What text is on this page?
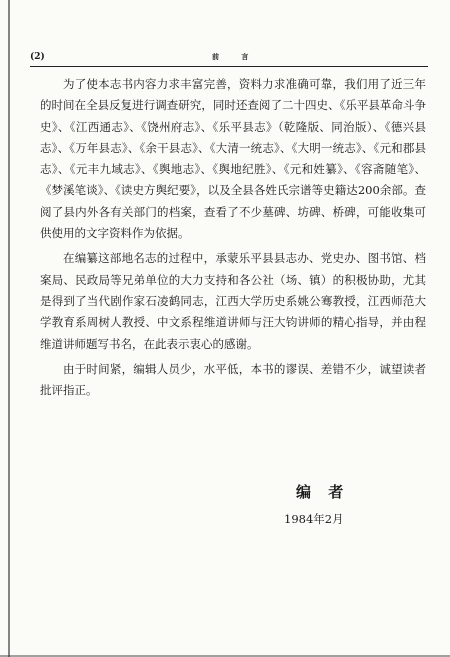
(2)	前 言

为了使本志书内容力求丰富完善，资料力求准确可靠，我们用了近三年的时间在全县反复进行调查研究，同时还查阅了二十四史、《乐平县革命斗争史》、《江西通志》、《饶州府志》、《乐平县志》（乾隆版、同治版）、《德兴县志》、《万年县志》、《余干县志》、《大清一统志》、《大明一统志》、《元和郡县志》、《元丰九域志》、《舆地志》、《舆地纪胜》、《元和姓纂》、《容斋随笔》、《梦溪笔谈》、《读史方舆纪要》，以及全县各姓氏宗谱等史籍达200余部。查阅了县内外各有关部门的档案，查看了不少墓碑、坊碑、桥碑，可能收集可供使用的文字资料作为依据。

在编纂这部地名志的过程中，承蒙乐平县县志办、党史办、图书馆、档案局、民政局等兄弟单位的大力支持和各公社（场、镇）的积极协助，尤其是得到了当代剧作家石凌鹤同志，江西大学历史系姚公骞教授，江西师范大学教育系周树人教授、中文系程维道讲师与汪大钧讲师的精心指导，并由程维道讲师题写书名，在此表示衷心的感谢。

由于时间紧，编辑人员少，水平低，本书的谬误、差错不少，诚望读者批评指正。

编 者
1984年2月
